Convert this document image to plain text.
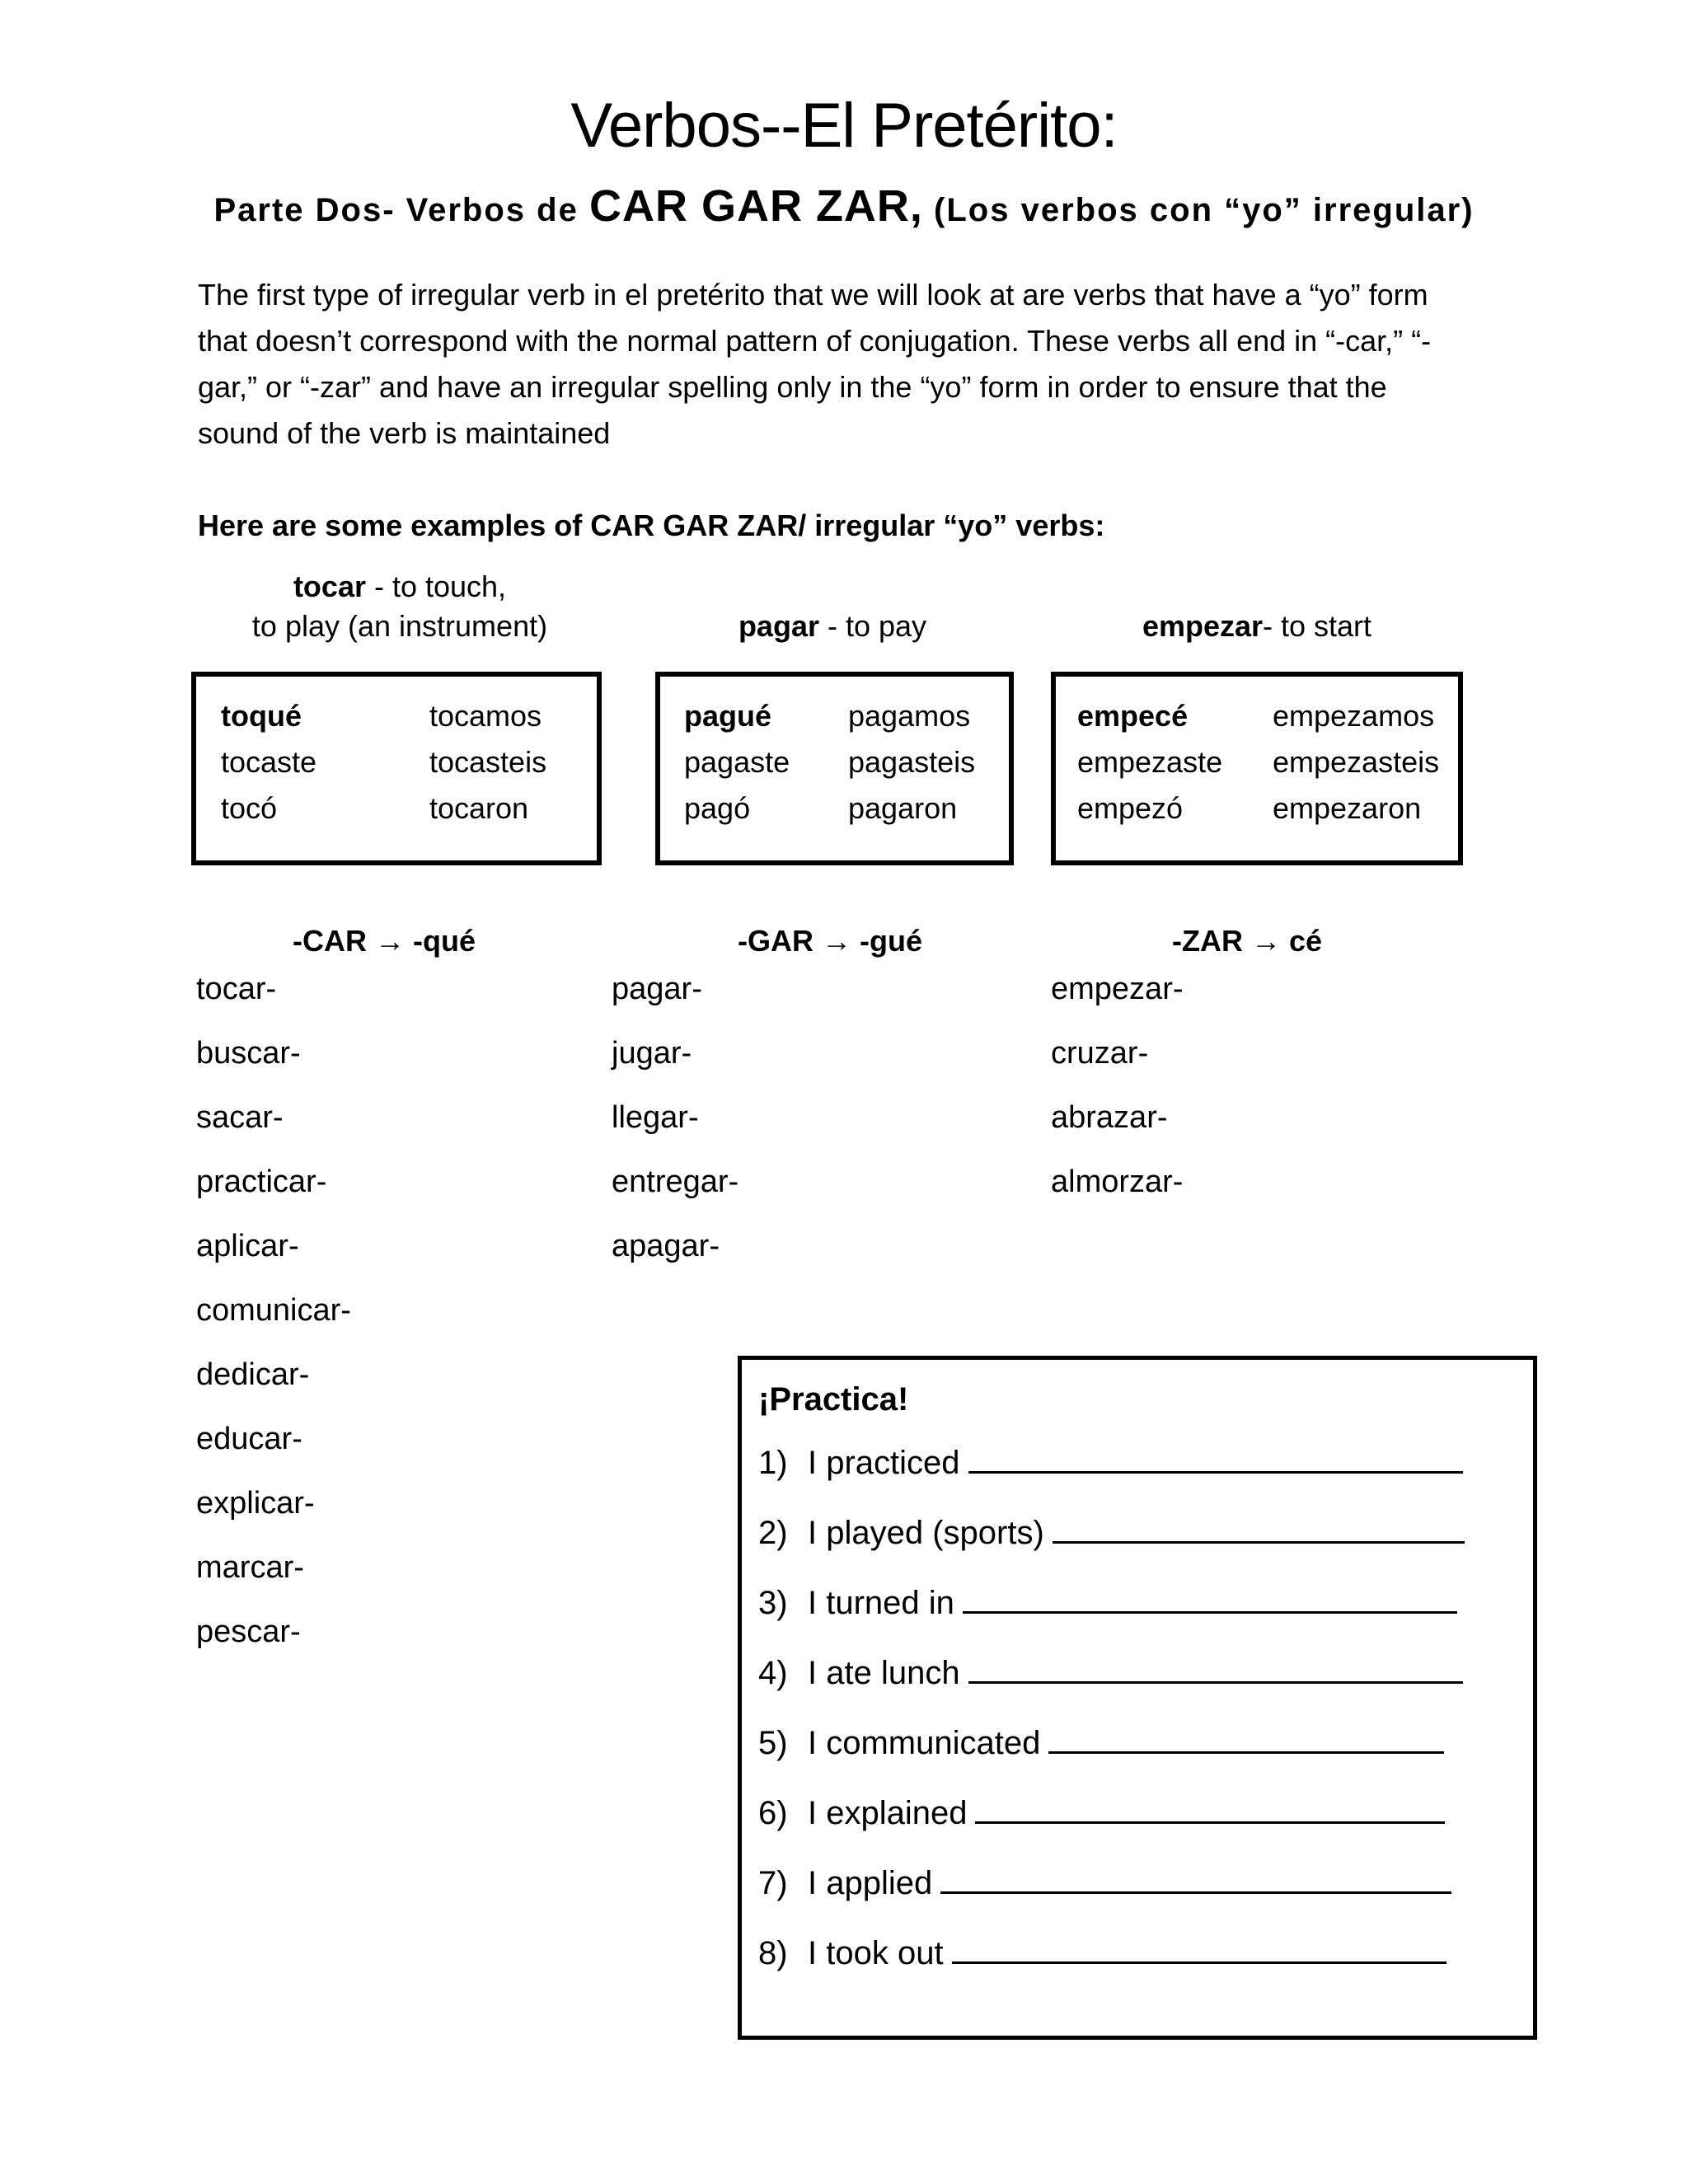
Verbos--El Pretérito:
Parte Dos- Verbos de CAR GAR ZAR, (Los verbos con “yo” irregular)

The first type of irregular verb in el pretérito that we will look at are verbs that have a “yo” form

that doesn’t correspond with the normal pattern of conjugation. These verbs all end in “-car,” “-

gar,” or “-zar” and have an irregular spelling only in the “yo” form in order to ensure that the

sound of the verb is maintained

Here are some examples of CAR GAR ZAR/ irregular “yo” verbs:
tocar - to touch,
to play (an instrument)
toqué
tocaste
tocó
tocamos
tocasteis
tocaron
pagar - to pay
pagué
pagaste
pagó
pagamos
pagasteis
pagaron
empezar- to start
empecé
empezaste
empezó
empezamos
empezasteis
empezaron
-CAR → -qué	-GAR → -gué	-ZAR → cé
tocar-
buscar-
sacar-
practicar-
aplicar-
comunicar-
dedicar-
educar-
explicar-
marcar-
pescar-
pagar-
jugar-
llegar-
entregar-
apagar-
empezar-
cruzar-
abrazar-
almorzar-
¡Practica!
1) I practiced
2) I played (sports)
3) I turned in
4) I ate lunch
5) I communicated
6) I explained
7) I applied
8) I took out
